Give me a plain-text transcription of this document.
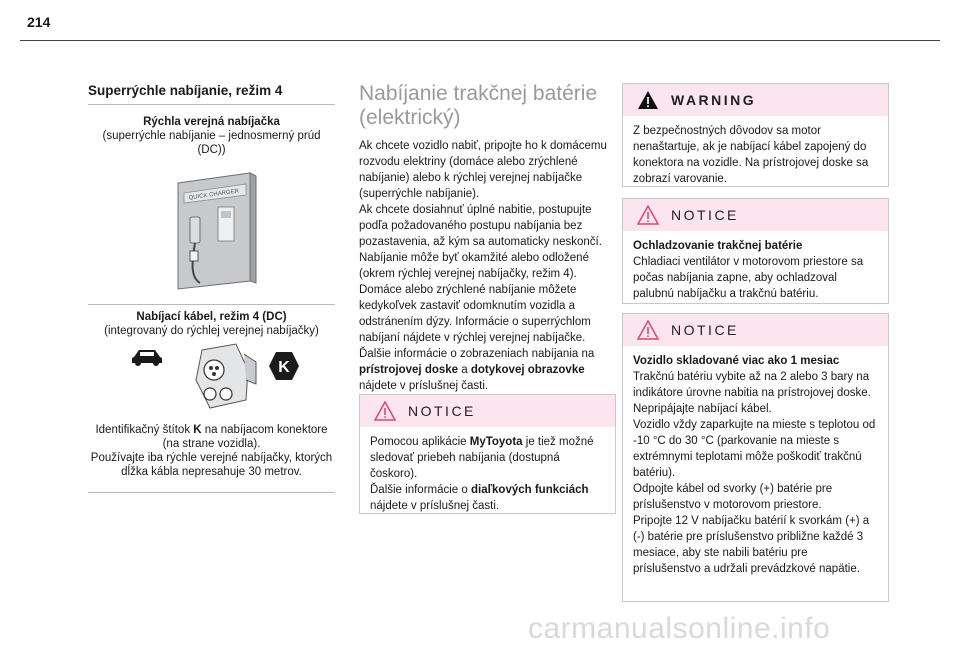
214
Superrýchle nabíjanie, režim 4
Rýchla verejná nabíjačka
(superrýchle nabíjanie – jednosmerný prúd (DC))
QUICK CHARGER
Nabíjací kábel, režim 4 (DC)
(integrovaný do rýchlej verejnej nabíjačky)
K
Identifikačný štítok K na nabíjacom konektore (na strane vozidla).
Používajte iba rýchle verejné nabíjačky, ktorých dĺžka kábla nepresahuje 30 metrov.
Nabíjanie trakčnej batérie (elektrický)

Ak chcete vozidlo nabiť, pripojte ho k domácemu rozvodu elektriny (domáce alebo zrýchlené nabíjanie) alebo k rýchlej verejnej nabíjačke (superrýchle nabíjanie).

Ak chcete dosiahnuť úplné nabitie, postupujte podľa požadovaného postupu nabíjania bez pozastavenia, až kým sa automaticky neskončí.

Nabíjanie môže byť okamžité alebo odložené (okrem rýchlej verejnej nabíjačky, režim 4).

Domáce alebo zrýchlené nabíjanie môžete kedykoľvek zastaviť odomknutím vozidla a odstránením dýzy. Informácie o superrýchlom nabíjaní nájdete v rýchlej verejnej nabíjačke.

Ďalšie informácie o zobrazeniach nabíjania na prístrojovej doske a dotykovej obrazovke nájdete v príslušnej časti.

NOTICE

Pomocou aplikácie MyToyota je tiež možné sledovať priebeh nabíjania (dostupná čoskoro).

Ďalšie informácie o diaľkových funkciách nájdete v príslušnej časti.

WARNING

Z bezpečnostných dôvodov sa motor nenaštartuje, ak je nabíjací kábel zapojený do konektora na vozidle. Na prístrojovej doske sa zobrazí varovanie.

NOTICE

Ochladzovanie trakčnej batérie

Chladiaci ventilátor v motorovom priestore sa počas nabíjania zapne, aby ochladzoval palubnú nabíjačku a trakčnú batériu.

NOTICE

Vozidlo skladované viac ako 1 mesiac

Trakčnú batériu vybite až na 2 alebo 3 bary na indikátore úrovne nabitia na prístrojovej doske.

Nepripájajte nabíjací kábel.

Vozidlo vždy zaparkujte na mieste s teplotou od -10 °C do 30 °C (parkovanie na mieste s extrémnymi teplotami môže poškodiť trakčnú batériu).

Odpojte kábel od svorky (+) batérie pre príslušenstvo v motorovom priestore.

Pripojte 12 V nabíjačku batérií k svorkám (+) a (-) batérie pre príslušenstvo približne každé 3 mesiace, aby ste nabili batériu pre príslušenstvo a udržali prevádzkové napätie.

carmanualsonline.info
